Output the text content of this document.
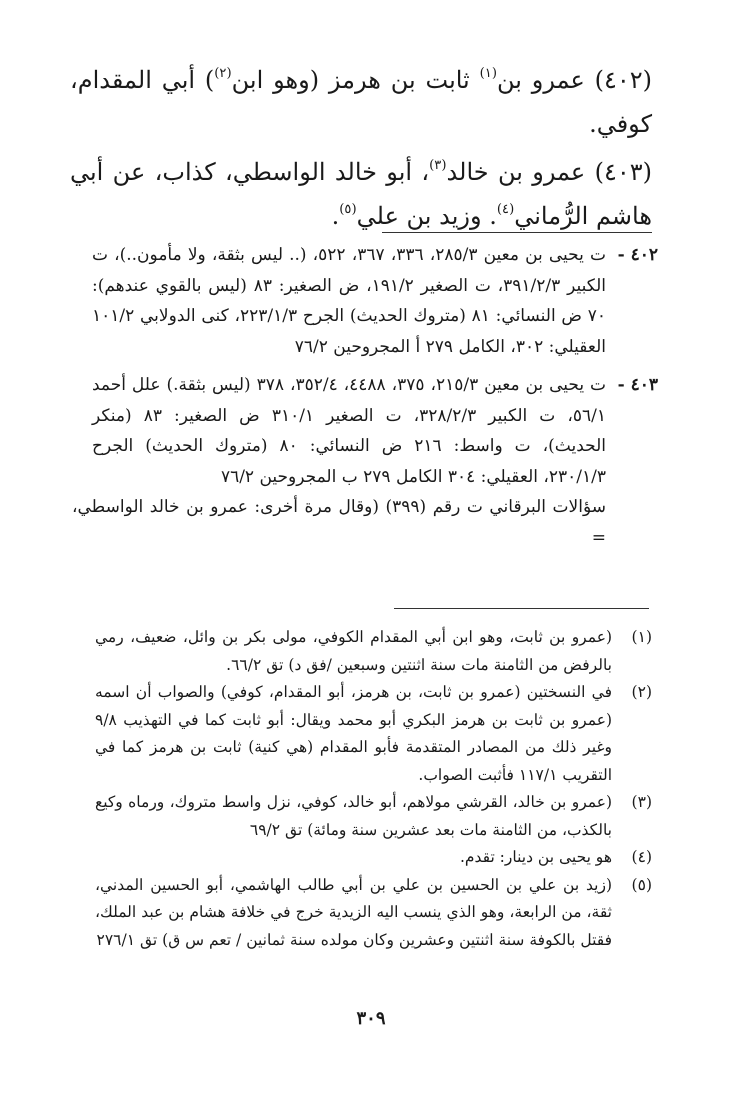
(٤٠٢) عمرو بن$^{(١)}$ ثابت بن هرمز (وهو ابن$^{(٢)}$) أبي المقدام، كوفي.
(٤٠٣) عمرو بن خالد$^{(٣)}$، أبو خالد الواسطي، كذاب، عن أبي هاشم الرُّماني$^{(٤)}$. وزيد بن علي$^{(٥)}$.
٤٠٢ -
ت يحيى بن معين ٢٨٥/٣، ٣٣٦، ٣٦٧، ٥٢٢، (.. ليس بثقة، ولا مأمون..)، ت الكبير ٣٩١/٢/٣، ت الصغير ١٩١/٢، ض الصغير: ٨٣ (ليس بالقوي عندهم): ٧٠ ض النسائي: ٨١ (متروك الحديث) الجرح ٢٢٣/١/٣، كنى الدولابي ١٠١/٢ العقيلي: ٣٠٢، الكامل ٢٧٩ أ المجروحين ٧٦/٢
٤٠٣ -
ت يحيى بن معين ٢١٥/٣، ٣٧٥، ٤٤٨٨، ٣٥٢/٤، ٣٧٨ (ليس بثقة.) علل أحمد ٥٦/١، ت الكبير ٣٢٨/٢/٣، ت الصغير ٣١٠/١ ض الصغير: ٨٣ (منكر الحديث)، ت واسط: ٢١٦ ض النسائي: ٨٠ (متروك الحديث) الجرح ٢٣٠/١/٣، العقيلي: ٣٠٤ الكامل ٢٧٩ ب المجروحين ٧٦/٢
سؤالات البرقاني ت رقم (٣٩٩) (وقال مرة أخرى: عمرو بن خالد الواسطي، =
(١)
(عمرو بن ثابت، وهو ابن أبي المقدام الكوفي، مولى بكر بن وائل، ضعيف، رمي بالرفض من الثامنة مات سنة اثنتين وسبعين /فق د) تق ٦٦/٢.
(٢)
في النسختين (عمرو بن ثابت، بن هرمز، أبو المقدام، كوفي) والصواب أن اسمه (عمرو بن ثابت بن هرمز البكري أبو محمد ويقال: أبو ثابت كما في التهذيب ٩/٨ وغير ذلك من المصادر المتقدمة فأبو المقدام (هي كنية) ثابت بن هرمز كما في التقريب ١١٧/١ فأثبت الصواب.
(٣)
(عمرو بن خالد، القرشي مولاهم، أبو خالد، كوفي، نزل واسط متروك، ورماه وكيع بالكذب، من الثامنة مات بعد عشرين سنة ومائة) تق ٦٩/٢
(٤)
هو يحيى بن دينار: تقدم.
(٥)
(زيد بن علي بن الحسين بن علي بن أبي طالب الهاشمي، أبو الحسين المدني، ثقة، من الرابعة، وهو الذي ينسب اليه الزيدية خرج في خلافة هشام بن عبد الملك، فقتل بالكوفة سنة اثنتين وعشرين وكان مولده سنة ثمانين / تعم س ق) تق ٢٧٦/١
٣٠٩
